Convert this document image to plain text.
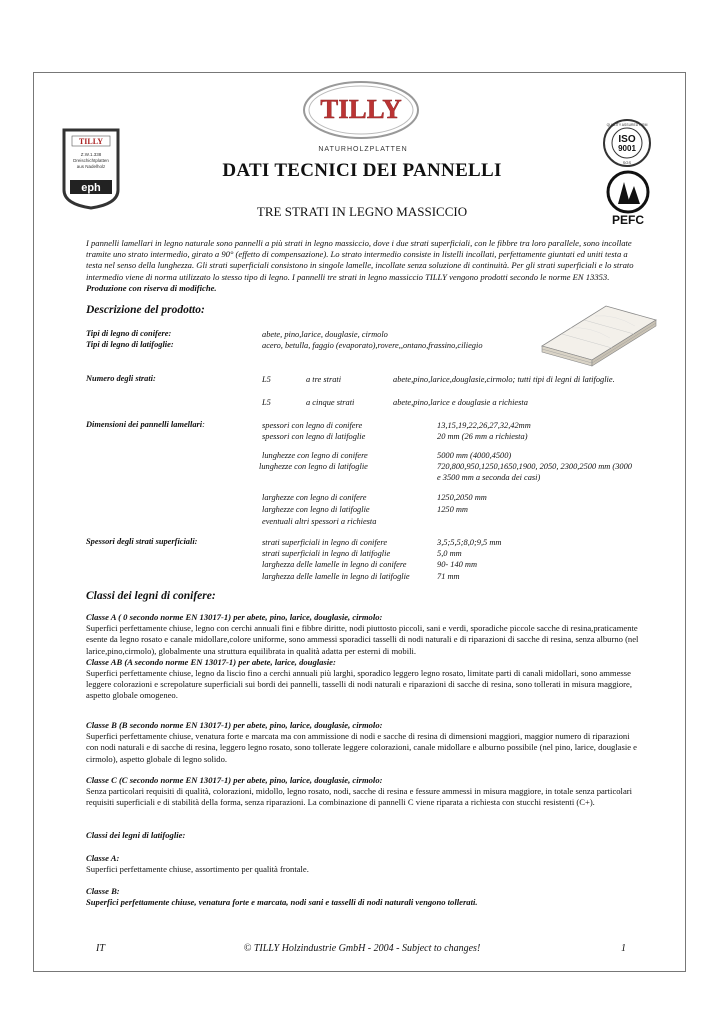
TILLY
NATURHOLZPLATTEN
TILLY
Z.W.1.338
Dreischichtplatten
aus Nadelholz
eph
ISO
9001
QUALITY ASSURED FIRM
SGS
PEFC
DATI TECNICI DEI PANNELLI
TRE STRATI IN LEGNO MASSICCIO
I pannelli lamellari in legno naturale sono pannelli a più strati in legno massiccio, dove i due strati superficiali, con le fibbre tra loro parallele, sono incollate tramite uno strato intermedio, girato a 90° (effetto di compensazione). Lo strato intermedio consiste in listelli incollati, perfettamente giuntati ed uniti testa a testa nel senso della lunghezza. Gli strati superficiali consistono in singole lamelle, incollate senza soluzione di continuità. Per gli strati superficiali e lo strato intermedio viene di norma utilizzato lo stesso tipo di legno. I pannelli tre strati in legno massiccio TILLY vengono prodotti secondo le norme EN 13353. Produzione con riserva di modifiche.
Descrizione del prodotto:
Tipi di legno di conifere:	abete, pino,larice, douglasie, cirmolo
Tipi di legno di latifoglie:	acero, betulla, faggio (evaporato),rovere,,ontano,frassino,ciliegio
Numero degli strati:	L5	a tre strati	abete,pino,larice,douglasie,cirmolo; tutti tipi di legni di latifoglie.
L5	a cinque strati	abete,pino,larice e douglasie a richiesta
Dimensioni dei pannelli lamellari:	spessori con legno di conifere	13,15,19,22,26,27,32,42mm
spessori con legno di latifoglie	20 mm (26 mm a richiesta)
lunghezze con legno di conifere	5000 mm (4000,4500)
lunghezze con legno di latifoglie	720,800,950,1250,1650,1900, 2050, 2300,2500 mm (3000 e 3500 mm a seconda dei casi)
larghezze con legno di conifere	1250,2050 mm
larghezze con legno di latifoglie	1250 mm
eventuali altri spessori a richiesta
Spessori degli strati superficiali:	strati superficiali in legno di conifere	3,5;5,5;8,0;9,5 mm
strati superficiali in legno di latifoglie	5,0 mm
larghezza delle lamelle in legno di conifere	90- 140 mm
larghezza delle lamelle in legno di latifoglie	71 mm
Classi dei legni di conifere:
Classe A ( 0 secondo norme EN 13017-1) per abete, pino, larice, douglasie, cirmolo:
Superfici perfettamente chiuse, legno con cerchi annuali fini e fibbre diritte, nodi piuttosto piccoli, sani e verdi, sporadiche piccole sacche di resina,praticamente esente da legno rosato e canale midollare,colore uniforme, sono ammessi sporadici tasselli di nodi naturali e di riparazioni di sacche di resina, senza alburno (nel larice,pino,cirmolo), globalmente una struttura equilibrata in qualità adatta per esterni di mobili.
Classe AB (A secondo norme EN 13017-1) per abete, larice, douglasie:
Superfici perfettamente chiuse, legno da liscio fino a cerchi annuali più larghi, sporadico leggero legno rosato, limitate parti di canali midollari, sono ammesse leggere colorazioni e screpolature superficiali sui bordi dei pannelli, tasselli di nodi naturali e riparazioni di sacche di resina, sono tollerati in misura maggiore, aspetto globale omogeneo.
Classe B (B secondo norme EN 13017-1) per abete, pino, larice, douglasie, cirmolo:
Superfici perfettamente chiuse, venatura forte e marcata ma con ammissione di nodi e sacche di resina di dimensioni maggiori, maggior numero di riparazioni con nodi naturali e di sacche di resina, leggero legno rosato, sono tollerate leggere colorazioni, canale midollare e alburno possibile (nel pino, larice, douglasie e cirmolo), aspetto globale di legno solido.
Classe C (C secondo norme EN 13017-1) per abete, pino, larice, douglasie, cirmolo:
Senza particolari requisiti di qualità, colorazioni, midollo, legno rosato, nodi, sacche di resina e fessure ammessi in misura maggiore, in totale senza particolari requisiti superficiali e di stabilità della forma, senza riparazioni. La combinazione di pannelli C viene riparata a richiesta con stucchi resistenti (C+).
Classi dei legni di latifoglie:
Classe A:
Superfici perfettamente chiuse, assortimento per qualità frontale.
Classe B:
Superfici perfettamente chiuse, venatura forte e marcata, nodi sani e tasselli di nodi naturali vengono tollerati.
IT	© TILLY Holzindustrie GmbH - 2004 - Subject to changes!	1
